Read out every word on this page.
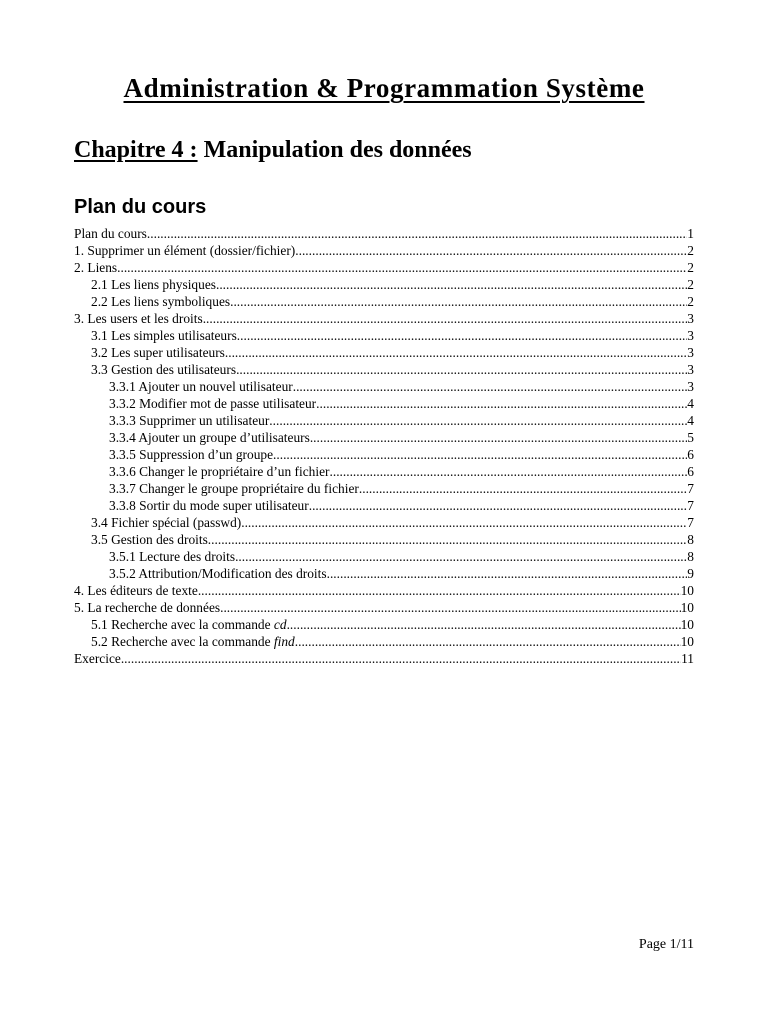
Administration & Programmation Système
Chapitre 4 : Manipulation des données
Plan du cours
Plan du cours .....	1
1. Supprimer un élément (dossier/fichier) .....	2
2. Liens .....	2
2.1 Les liens physiques .....	2
2.2 Les liens symboliques .....	2
3. Les users et les droits .....	3
3.1 Les simples utilisateurs .....	3
3.2 Les super utilisateurs .....	3
3.3 Gestion des utilisateurs .....	3
3.3.1 Ajouter un nouvel utilisateur .....	3
3.3.2 Modifier mot de passe utilisateur .....	4
3.3.3 Supprimer un utilisateur .....	4
3.3.4 Ajouter un groupe d’utilisateurs .....	5
3.3.5 Suppression d’un groupe .....	6
3.3.6 Changer le propriétaire d’un fichier .....	6
3.3.7 Changer le groupe propriétaire du fichier .....	7
3.3.8 Sortir du mode super utilisateur .....	7
3.4 Fichier spécial (passwd) .....	7
3.5 Gestion des droits .....	8
3.5.1 Lecture des droits .....	8
3.5.2 Attribution/Modification des droits .....	9
4. Les éditeurs de texte .....	10
5. La recherche de données .....	10
5.1 Recherche avec la commande cd .....	10
5.2 Recherche avec la commande find .....	10
Exercice .....	11
Page 1/11
